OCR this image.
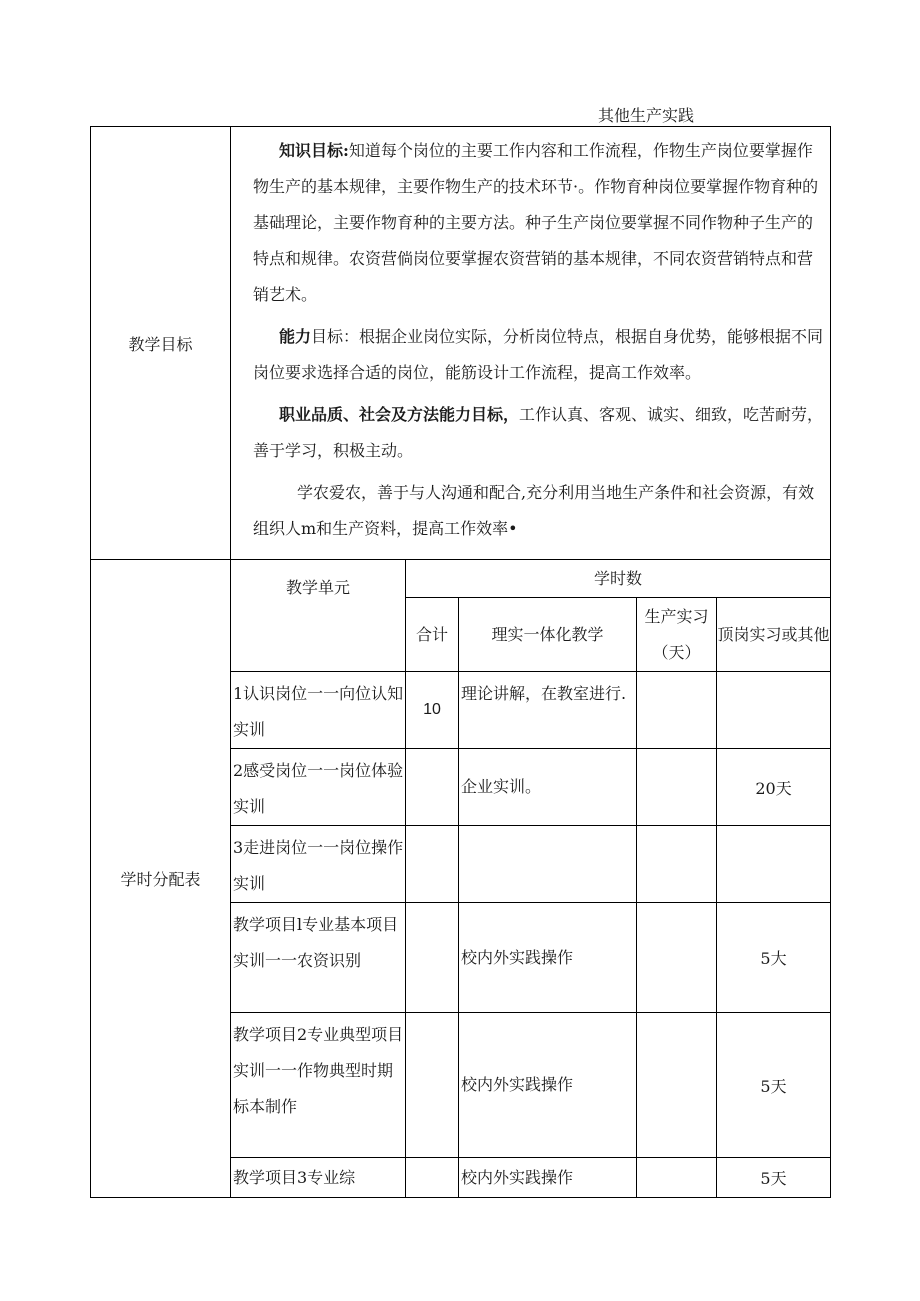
其他生产实践
教学目标	知识目标:知道每个岗位的主要工作内容和工作流程，作物生产岗位要掌握作物生产的基本规律，主要作物生产的技术环节·。作物育种岗位要掌握作物育种的基础理论，主要作物育种的主要方法。种子生产岗位要掌握不同作物种子生产的特点和规律。农资营倘岗位要掌握农资营销的基本规律，不同农资营销特点和营销艺术。

能力目标：根据企业岗位实际，分析岗位特点，根据自身优势，能够根据不同岗位要求选择合适的岗位，能筋设计工作流程，提高工作效率。

职业品质、社会及方法能力目标，工作认真、客观、诚实、细致，吃苦耐劳，善于学习，积极主动。

学农爱农，善于与人沟通和配合,充分利用当地生产条件和社会资源，有效组织人m和生产资料，提高工作效率•				

学时分配表	教学单元	学时数			
		合计	理实一体化教学	生产实习（天）	顶岗实习或其他
	1认识岗位一一向位认知实训	10	理论讲解，在教室进行.		
	2感受岗位一一岗位体验实训		企业实训。		20天
	3走进岗位一一岗位操作实训				
	教学项目l专业基本项目实训一一农资识别		校内外实践操作		5大
	教学项目2专业典型项目实训一一作物典型时期标本制作		校内外实践操作		5天
	教学项目3专业综		校内外实践操作		5天
